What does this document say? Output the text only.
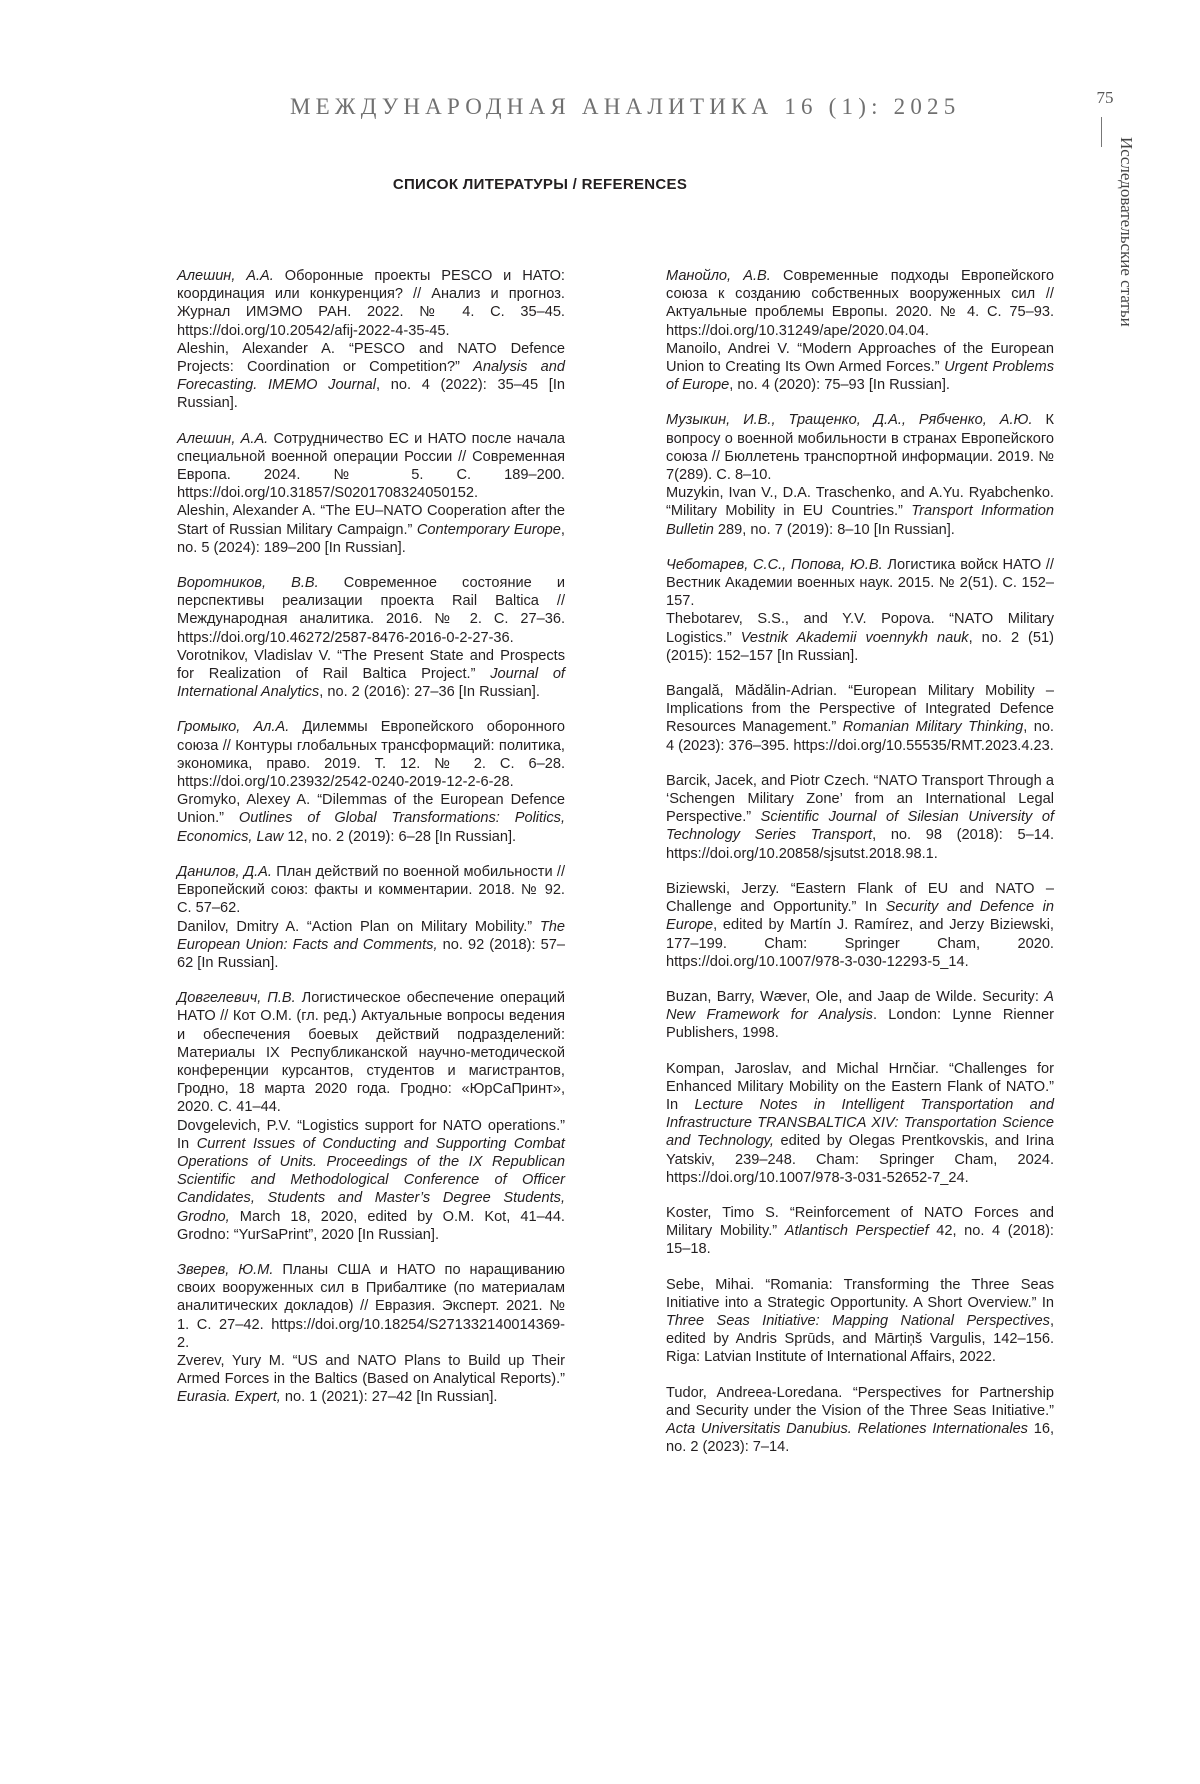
МЕЖДУНАРОДНАЯ АНАЛИТИКА 16 (1): 2025	75
Исследовательские статьи
СПИСОК ЛИТЕРАТУРЫ / REFERENCES
Алешин, А.А. Оборонные проекты PESCO и НАТО: координация или конкуренция? // Анализ и прогноз. Журнал ИМЭМО РАН. 2022. № 4. С. 35–45. https://doi.org/10.20542/afij-2022-4-35-45.
Aleshin, Alexander A. “PESCO and NATO Defence Projects: Coordination or Competition?” Analysis and Forecasting. IMEMO Journal, no. 4 (2022): 35–45 [In Russian].
Алешин, А.А. Сотрудничество ЕС и НАТО после начала специальной военной операции России // Современная Европа. 2024. № 5. С. 189–200. https://doi.org/10.31857/S0201708324050152.
Aleshin, Alexander A. “The EU–NATO Cooperation after the Start of Russian Military Campaign.” Contemporary Europe, no. 5 (2024): 189–200 [In Russian].
Воротников, В.В. Современное состояние и перспективы реализации проекта Rail Baltica // Международная аналитика. 2016. № 2. С. 27–36. https://doi.org/10.46272/2587-8476-2016-0-2-27-36.
Vorotnikov, Vladislav V. “The Present State and Prospects for Realization of Rail Baltica Project.” Journal of International Analytics, no. 2 (2016): 27–36 [In Russian].
Громыко, Ал.А. Дилеммы Европейского оборонного союза // Контуры глобальных трансформаций: политика, экономика, право. 2019. Т. 12. № 2. С. 6–28. https://doi.org/10.23932/2542-0240-2019-12-2-6-28.
Gromyko, Alexey A. “Dilemmas of the European Defence Union.” Outlines of Global Transformations: Politics, Economics, Law 12, no. 2 (2019): 6–28 [In Russian].
Данилов, Д.А. План действий по военной мобильности // Европейский союз: факты и комментарии. 2018. № 92. С. 57–62.
Danilov, Dmitry A. “Action Plan on Military Mobility.” The European Union: Facts and Comments, no. 92 (2018): 57–62 [In Russian].
Довгелевич, П.В. Логистическое обеспечение операций НАТО // Кот О.М. (гл. ред.) Актуальные вопросы ведения и обеспечения боевых действий подразделений: Материалы IX Республиканской научно-методической конференции курсантов, студентов и магистрантов, Гродно, 18 марта 2020 года. Гродно: «ЮрСаПринт», 2020. С. 41–44.
Dovgelevich, P.V. “Logistics support for NATO operations.” In Current Issues of Conducting and Supporting Combat Operations of Units. Proceedings of the IX Republican Scientific and Methodological Conference of Officer Candidates, Students and Master’s Degree Students, Grodno, March 18, 2020, edited by O.M. Kot, 41–44. Grodno: “YurSaPrint”, 2020 [In Russian].
Зверев, Ю.М. Планы США и НАТО по наращиванию своих вооруженных сил в Прибалтике (по материалам аналитических докладов) // Евразия. Эксперт. 2021. № 1. С. 27–42. https://doi.org/10.18254/S271332140014369-2.
Zverev, Yury M. “US and NATO Plans to Build up Their Armed Forces in the Baltics (Based on Analytical Reports).” Eurasia. Expert, no. 1 (2021): 27–42 [In Russian].
Манойло, А.В. Современные подходы Европейского союза к созданию собственных вооруженных сил // Актуальные проблемы Европы. 2020. № 4. С. 75–93. https://doi.org/10.31249/ape/2020.04.04.
Manoilo, Andrei V. “Modern Approaches of the European Union to Creating Its Own Armed Forces.” Urgent Problems of Europe, no. 4 (2020): 75–93 [In Russian].
Музыкин, И.В., Тращенко, Д.А., Рябченко, А.Ю. К вопросу о военной мобильности в странах Европейского союза // Бюллетень транспортной информации. 2019. № 7(289). С. 8–10.
Muzykin, Ivan V., D.A. Traschenko, and A.Yu. Ryabchenko. “Military Mobility in EU Countries.” Transport Information Bulletin 289, no. 7 (2019): 8–10 [In Russian].
Чеботарев, С.С., Попова, Ю.В. Логистика войск НАТО // Вестник Академии военных наук. 2015. № 2(51). С. 152–157.
Thebotarev, S.S., and Y.V. Popova. “NATO Military Logistics.” Vestnik Akademii voennykh nauk, no. 2 (51) (2015): 152–157 [In Russian].
Bangală, Mădălin-Adrian. “European Military Mobility – Implications from the Perspective of Integrated Defence Resources Management.” Romanian Military Thinking, no. 4 (2023): 376–395. https://doi.org/10.55535/RMT.2023.4.23.
Barcik, Jacek, and Piotr Czech. “NATO Transport Through a ‘Schengen Military Zone’ from an International Legal Perspective.” Scientific Journal of Silesian University of Technology Series Transport, no. 98 (2018): 5–14. https://doi.org/10.20858/sjsutst.2018.98.1.
Biziewski, Jerzy. “Eastern Flank of EU and NATO – Challenge and Opportunity.” In Security and Defence in Europe, edited by Martín J. Ramírez, and Jerzy Biziewski, 177–199. Cham: Springer Cham, 2020. https://doi.org/10.1007/978-3-030-12293-5_14.
Buzan, Barry, Wæver, Ole, and Jaap de Wilde. Security: A New Framework for Analysis. London: Lynne Rienner Publishers, 1998.
Kompan, Jaroslav, and Michal Hrnčiar. “Challenges for Enhanced Military Mobility on the Eastern Flank of NATO.” In Lecture Notes in Intelligent Transportation and Infrastructure TRANSBALTICA XIV: Transportation Science and Technology, edited by Olegas Prentkovskis, and Irina Yatskiv, 239–248. Cham: Springer Cham, 2024. https://doi.org/10.1007/978-3-031-52652-7_24.
Koster, Timo S. “Reinforcement of NATO Forces and Military Mobility.” Atlantisch Perspectief 42, no. 4 (2018): 15–18.
Sebe, Mihai. “Romania: Transforming the Three Seas Initiative into a Strategic Opportunity. A Short Overview.” In Three Seas Initiative: Mapping National Perspectives, edited by Andris Sprūds, and Mārtiņš Vargulis, 142–156. Riga: Latvian Institute of International Affairs, 2022.
Tudor, Andreea-Loredana. “Perspectives for Partnership and Security under the Vision of the Three Seas Initiative.” Acta Universitatis Danubius. Relationes Internationales 16, no. 2 (2023): 7–14.
